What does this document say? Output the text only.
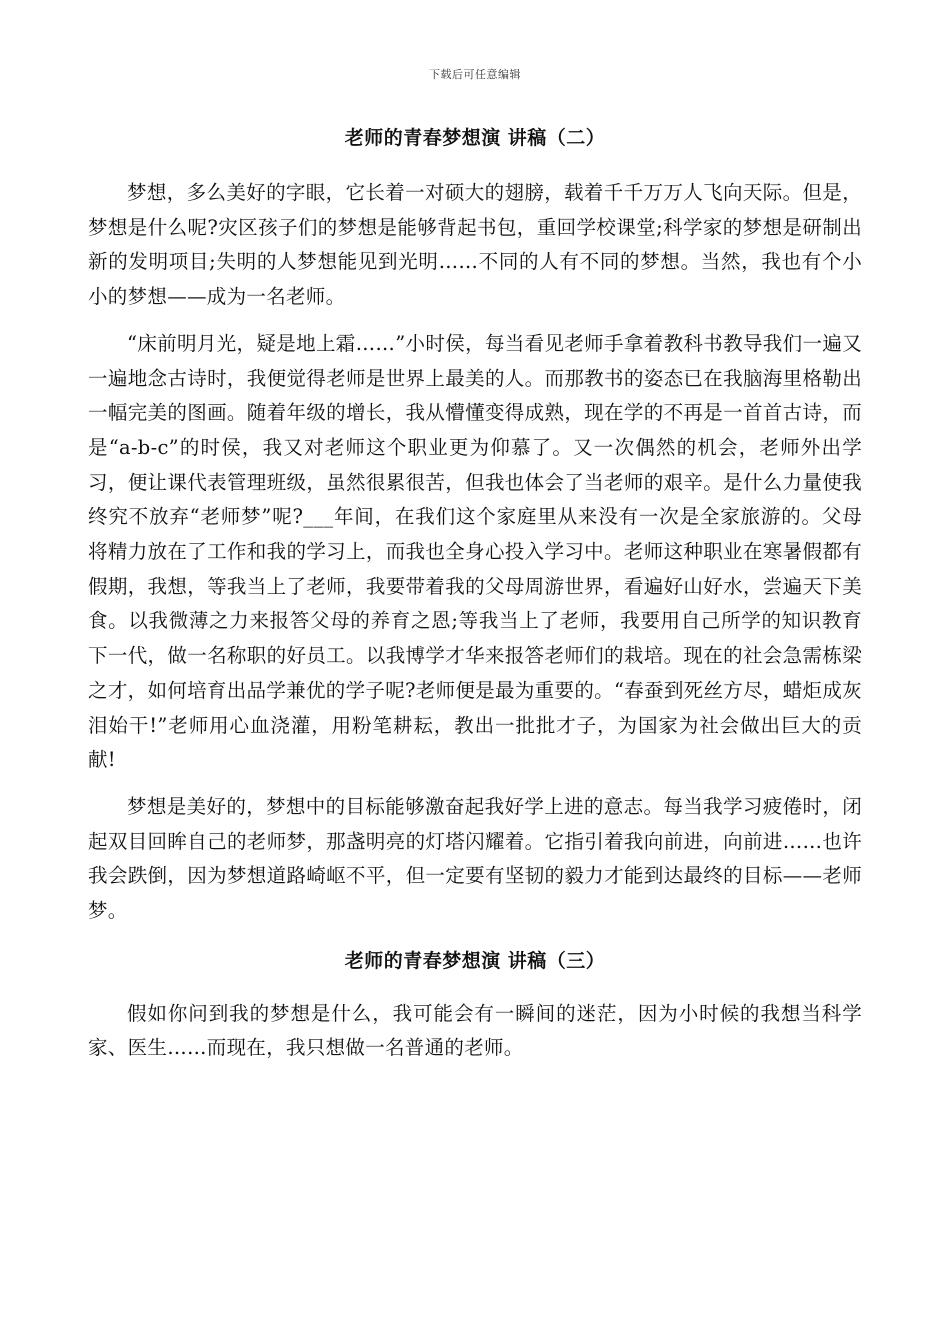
下载后可任意编辑
老师的青春梦想演 讲稿（二）

梦想，多么美好的字眼，它长着一对硕大的翅膀，载着千千万万人飞向天际。但是，梦想是什么呢?灾区孩子们的梦想是能够背起书包，重回学校课堂;科学家的梦想是研制出新的发明项目;失明的人梦想能见到光明……不同的人有不同的梦想。当然，我也有个小小的梦想——成为一名老师。

“床前明月光，疑是地上霜……”小时侯，每当看见老师手拿着教科书教导我们一遍又一遍地念古诗时，我便觉得老师是世界上最美的人。而那教书的姿态已在我脑海里格勒出一幅完美的图画。随着年级的增长，我从懵懂变得成熟，现在学的不再是一首首古诗，而是“a-b-c”的时侯，我又对老师这个职业更为仰慕了。又一次偶然的机会，老师外出学习，便让课代表管理班级，虽然很累很苦，但我也体会了当老师的艰辛。是什么力量使我终究不放弃“老师梦”呢?___年间，在我们这个家庭里从来没有一次是全家旅游的。父母将精力放在了工作和我的学习上，而我也全身心投入学习中。老师这种职业在寒暑假都有假期，我想，等我当上了老师，我要带着我的父母周游世界，看遍好山好水，尝遍天下美食。以我微薄之力来报答父母的养育之恩;等我当上了老师，我要用自己所学的知识教育下一代，做一名称职的好员工。以我博学才华来报答老师们的栽培。现在的社会急需栋梁之才，如何培育出品学兼优的学子呢?老师便是最为重要的。“春蚕到死丝方尽，蜡炬成灰泪始干!”老师用心血浇灌，用粉笔耕耘，教出一批批才子，为国家为社会做出巨大的贡献!

梦想是美好的，梦想中的目标能够激奋起我好学上进的意志。每当我学习疲倦时，闭起双目回眸自己的老师梦，那盏明亮的灯塔闪耀着。它指引着我向前进，向前进……也许我会跌倒，因为梦想道路崎岖不平，但一定要有坚韧的毅力才能到达最终的目标——老师梦。

老师的青春梦想演 讲稿（三）

假如你问到我的梦想是什么，我可能会有一瞬间的迷茫，因为小时候的我想当科学家、医生……而现在，我只想做一名普通的老师。
